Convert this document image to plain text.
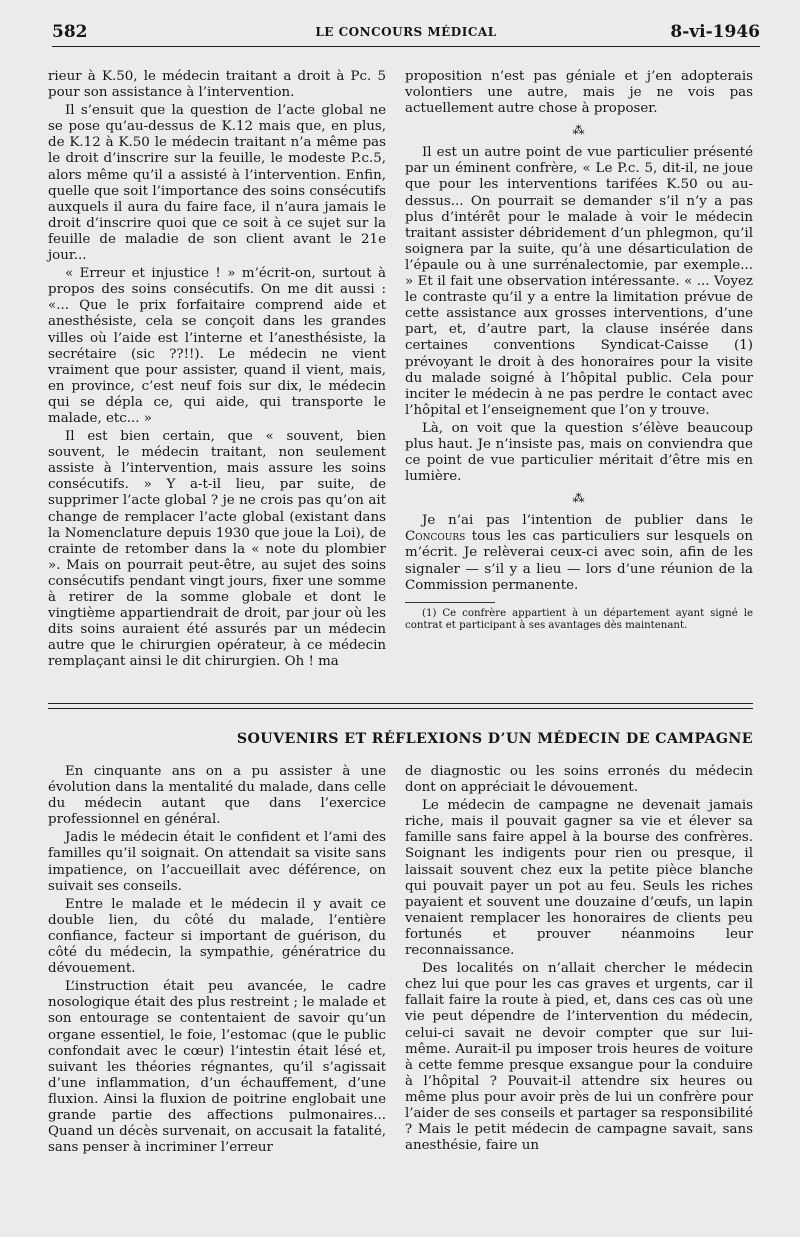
582	LE CONCOURS MÉDICAL	8-vi-1946

rieur à K.50, le médecin traitant a droit à Pc. 5 pour son assistance à l’intervention.

Il s’ensuit que la question de l’acte global ne se pose qu’au-dessus de K.12 mais que, en plus, de K.12 à K.50 le médecin traitant n’a même pas le droit d’inscrire sur la feuille, le modeste P.c.5, alors même qu’il a assisté à l’intervention. Enfin, quelle que soit l’importance des soins consécutifs auxquels il aura du faire face, il n’aura jamais le droit d’inscrire quoi que ce soit à ce sujet sur la feuille de maladie de son client avant le 21e jour...

« Erreur et injustice ! » m’écrit-on, surtout à propos des soins consécutifs. On me dit aussi : «... Que le prix forfaitaire comprend aide et anesthésiste, cela se conçoit dans les grandes villes où l’aide est l’interne et l’anesthésiste, la secrétaire (sic ??!!). Le médecin ne vient vraiment que pour assister, quand il vient, mais, en province, c’est neuf fois sur dix, le médecin qui se dépla ce, qui aide, qui transporte le malade, etc... »

Il est bien certain, que « souvent, bien souvent, le médecin traitant, non seulement assiste à l’intervention, mais assure les soins consécutifs. » Y a-t-il lieu, par suite, de supprimer l’acte global ? je ne crois pas qu’on ait change de remplacer l’acte global (existant dans la Nomenclature depuis 1930 que joue la Loi), de crainte de retomber dans la « note du plombier ». Mais on pourrait peut-être, au sujet des soins consécutifs pendant vingt jours, fixer une somme à retirer de la somme globale et dont le vingtième appartiendrait de droit, par jour où les dits soins auraient été assurés par un médecin autre que le chirurgien opérateur, à ce médecin remplaçant ainsi le dit chirurgien. Oh ! ma

proposition n’est pas géniale et j’en adopterais volontiers une autre, mais je ne vois pas actuellement autre chose à proposer.

⁂

Il est un autre point de vue particulier présenté par un éminent confrère, « Le P.c. 5, dit-il, ne joue que pour les interventions tarifées K.50 ou au-dessus... On pourrait se demander s’il n’y a pas plus d’intérêt pour le malade à voir le médecin traitant assister débridement d’un phlegmon, qu’il soignera par la suite, qu’à une désarticulation de l’épaule ou à une surrénalectomie, par exemple... » Et il fait une observation intéressante. « ... Voyez le contraste qu’il y a entre la limitation prévue de cette assistance aux grosses interventions, d’une part, et, d’autre part, la clause insérée dans certaines conventions Syndicat-Caisse (1) prévoyant le droit à des honoraires pour la visite du malade soigné à l’hôpital public. Cela pour inciter le médecin à ne pas perdre le contact avec l’hôpital et l’enseignement que l’on y trouve.

Là, on voit que la question s’élève beaucoup plus haut. Je n’insiste pas, mais on conviendra que ce point de vue particulier méritait d’être mis en lumière.

⁂

Je n’ai pas l’intention de publier dans le Concours tous les cas particuliers sur lesquels on m’écrit. Je relèverai ceux-ci avec soin, afin de les signaler — s’il y a lieu — lors d’une réunion de la Commission permanente.

(1) Ce confrère appartient à un département ayant signé le contrat et participant à ses avantages dès maintenant.

SOUVENIRS ET RÉFLEXIONS D’UN MÉDECIN DE CAMPAGNE

En cinquante ans on a pu assister à une évolution dans la mentalité du malade, dans celle du médecin autant que dans l’exercice professionnel en général.

Jadis le médecin était le confident et l’ami des familles qu’il soignait. On attendait sa visite sans impatience, on l’accueillait avec déférence, on suivait ses conseils.

Entre le malade et le médecin il y avait ce double lien, du côté du malade, l’entière confiance, facteur si important de guérison, du côté du médecin, la sympathie, génératrice du dévouement.

L’instruction était peu avancée, le cadre nosologique était des plus restreint ; le malade et son entourage se contentaient de savoir qu’un organe essentiel, le foie, l’estomac (que le public confondait avec le cœur) l’intestin était lésé et, suivant les théories régnantes, qu’il s’agissait d’une inflammation, d’un échauffement, d’une fluxion. Ainsi la fluxion de poitrine englobait une grande partie des affections pulmonaires... Quand un décès survenait, on accusait la fatalité, sans penser à incriminer l’erreur

de diagnostic ou les soins erronés du médecin dont on appréciait le dévouement.

Le médecin de campagne ne devenait jamais riche, mais il pouvait gagner sa vie et élever sa famille sans faire appel à la bourse des confrères. Soignant les indigents pour rien ou presque, il laissait souvent chez eux la petite pièce blanche qui pouvait payer un pot au feu. Seuls les riches payaient et souvent une douzaine d’œufs, un lapin venaient remplacer les honoraires de clients peu fortunés et prouver néanmoins leur reconnaissance.

Des localités on n’allait chercher le médecin chez lui que pour les cas graves et urgents, car il fallait faire la route à pied, et, dans ces cas où une vie peut dépendre de l’intervention du médecin, celui-ci savait ne devoir compter que sur lui-même. Aurait-il pu imposer trois heures de voiture à cette femme presque exsangue pour la conduire à l’hôpital ? Pouvait-il attendre six heures ou même plus pour avoir près de lui un confrère pour l’aider de ses conseils et partager sa responsibilité ? Mais le petit médecin de campagne savait, sans anesthésie, faire un
